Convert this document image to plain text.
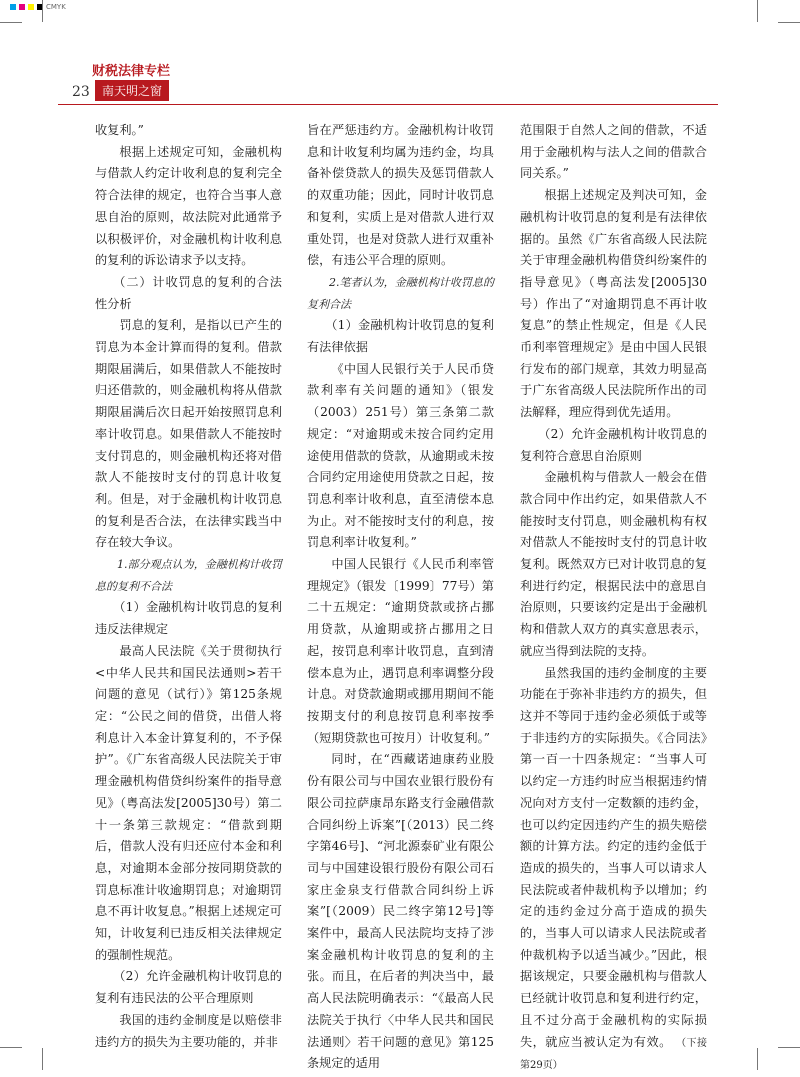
CMYK
财税法律专栏
23	南天明之窗

收复利。”

根据上述规定可知，金融机构与借款人约定计收利息的复利完全符合法律的规定，也符合当事人意思自治的原则，故法院对此通常予以积极评价，对金融机构计收利息的复利的诉讼请求予以支持。

（二）计收罚息的复利的合法性分析

罚息的复利，是指以已产生的罚息为本金计算而得的复利。借款期限届满后，如果借款人不能按时归还借款的，则金融机构将从借款期限届满后次日起开始按照罚息利率计收罚息。如果借款人不能按时支付罚息的，则金融机构还将对借款人不能按时支付的罚息计收复利。但是，对于金融机构计收罚息的复利是否合法，在法律实践当中存在较大争议。

1.部分观点认为，金融机构计收罚息的复利不合法

（1）金融机构计收罚息的复利违反法律规定

最高人民法院《关于贯彻执行<中华人民共和国民法通则>若干问题的意见（试行）》第125条规定：“公民之间的借贷，出借人将利息计入本金计算复利的，不予保护”。《广东省高级人民法院关于审理金融机构借贷纠纷案件的指导意见》（粤高法发[2005]30号）第二十一条第三款规定：“借款到期后，借款人没有归还应付本金和利息，对逾期本金部分按同期贷款的罚息标准计收逾期罚息；对逾期罚息不再计收复息。”根据上述规定可知，计收复利已违反相关法律规定的强制性规范。

（2）允许金融机构计收罚息的复利有违民法的公平合理原则

我国的违约金制度是以赔偿非违约方的损失为主要功能的，并非

旨在严惩违约方。金融机构计收罚息和计收复利均属为违约金，均具备补偿贷款人的损失及惩罚借款人的双重功能；因此，同时计收罚息和复利，实质上是对借款人进行双重处罚，也是对贷款人进行双重补偿，有违公平合理的原则。

2.笔者认为，金融机构计收罚息的复利合法

（1）金融机构计收罚息的复利有法律依据

《中国人民银行关于人民币贷款利率有关问题的通知》（银发（2003）251号）第三条第二款规定：“对逾期或未按合同约定用途使用借款的贷款，从逾期或未按合同约定用途使用贷款之日起，按罚息利率计收利息，直至清偿本息为止。对不能按时支付的利息，按罚息利率计收复利。”

中国人民银行《人民币利率管理规定》（银发〔1999〕77号）第二十五规定：“逾期贷款或挤占挪用贷款，从逾期或挤占挪用之日起，按罚息利率计收罚息，直到清偿本息为止，遇罚息利率调整分段计息。对贷款逾期或挪用期间不能按期支付的利息按罚息利率按季（短期贷款也可按月）计收复利。”

同时，在“西藏诺迪康药业股份有限公司与中国农业银行股份有限公司拉萨康昂东路支行金融借款合同纠纷上诉案”[（2013）民二终字第46号]、“河北源泰矿业有限公司与中国建设银行股份有限公司石家庄金泉支行借款合同纠纷上诉案”[（2009）民二终字第12号]等案件中，最高人民法院均支持了涉案金融机构计收罚息的复利的主张。而且，在后者的判决当中，最高人民法院明确表示：“《最高人民法院关于执行〈中华人民共和国民法通则〉若干问题的意见》第125条规定的适用

范围限于自然人之间的借款，不适用于金融机构与法人之间的借款合同关系。”

根据上述规定及判决可知，金融机构计收罚息的复利是有法律依据的。虽然《广东省高级人民法院关于审理金融机构借贷纠纷案件的指导意见》（粤高法发[2005]30号）作出了“对逾期罚息不再计收复息”的禁止性规定，但是《人民币利率管理规定》是由中国人民银行发布的部门规章，其效力明显高于广东省高级人民法院所作出的司法解释，理应得到优先适用。

（2）允许金融机构计收罚息的复利符合意思自治原则

金融机构与借款人一般会在借款合同中作出约定，如果借款人不能按时支付罚息，则金融机构有权对借款人不能按时支付的罚息计收复利。既然双方已对计收罚息的复利进行约定，根据民法中的意思自治原则，只要该约定是出于金融机构和借款人双方的真实意思表示，就应当得到法院的支持。

虽然我国的违约金制度的主要功能在于弥补非违约方的损失，但这并不等同于违约金必须低于或等于非违约方的实际损失。《合同法》第一百一十四条规定：“当事人可以约定一方违约时应当根据违约情况向对方支付一定数额的违约金，也可以约定因违约产生的损失赔偿额的计算方法。约定的违约金低于造成的损失的，当事人可以请求人民法院或者仲裁机构予以增加；约定的违约金过分高于造成的损失的，当事人可以请求人民法院或者仲裁机构予以适当减少。”因此，根据该规定，只要金融机构与借款人已经就计收罚息和复利进行约定，且不过分高于金融机构的实际损失，就应当被认定为有效。 （下接第29页）
